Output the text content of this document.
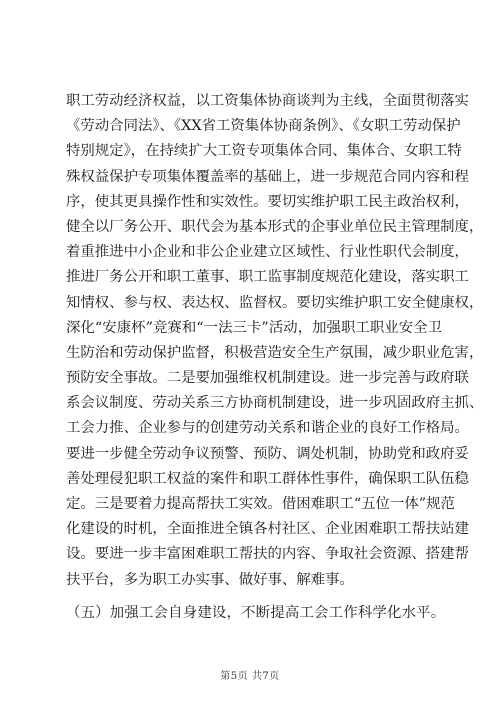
职工劳动经济权益，以工资集体协商谈判为主线，全面贯彻落实
《劳动合同法》、《XX省工资集体协商条例》、《女职工劳动保护
特别规定》，在持续扩大工资专项集体合同、集体合、女职工特
殊权益保护专项集体覆盖率的基础上，进一步规范合同内容和程
序，使其更具操作性和实效性。要切实维护职工民主政治权利，
健全以厂务公开、职代会为基本形式的企事业单位民主管理制度，
着重推进中小企业和非公企业建立区域性、行业性职代会制度，
推进厂务公开和职工董事、职工监事制度规范化建设，落实职工
知情权、参与权、表达权、监督权。要切实维护职工安全健康权，
深化“安康杯”竞赛和“一法三卡”活动，加强职工职业安全卫
生防治和劳动保护监督，积极营造安全生产氛围，减少职业危害，
预防安全事故。二是要加强维权机制建设。进一步完善与政府联
系会议制度、劳动关系三方协商机制建设，进一步巩固政府主抓、
工会力推、企业参与的创建劳动关系和谐企业的良好工作格局。
要进一步健全劳动争议预警、预防、调处机制，协助党和政府妥
善处理侵犯职工权益的案件和职工群体性事件，确保职工队伍稳
定。三是要着力提高帮扶工实效。借困难职工“五位一体”规范
化建设的时机，全面推进全镇各村社区、企业困难职工帮扶站建
设。要进一步丰富困难职工帮扶的内容、争取社会资源、搭建帮
扶平台，多为职工办实事、做好事、解难事。
（五）加强工会自身建设，不断提高工会工作科学化水平。
第5页 共7页
